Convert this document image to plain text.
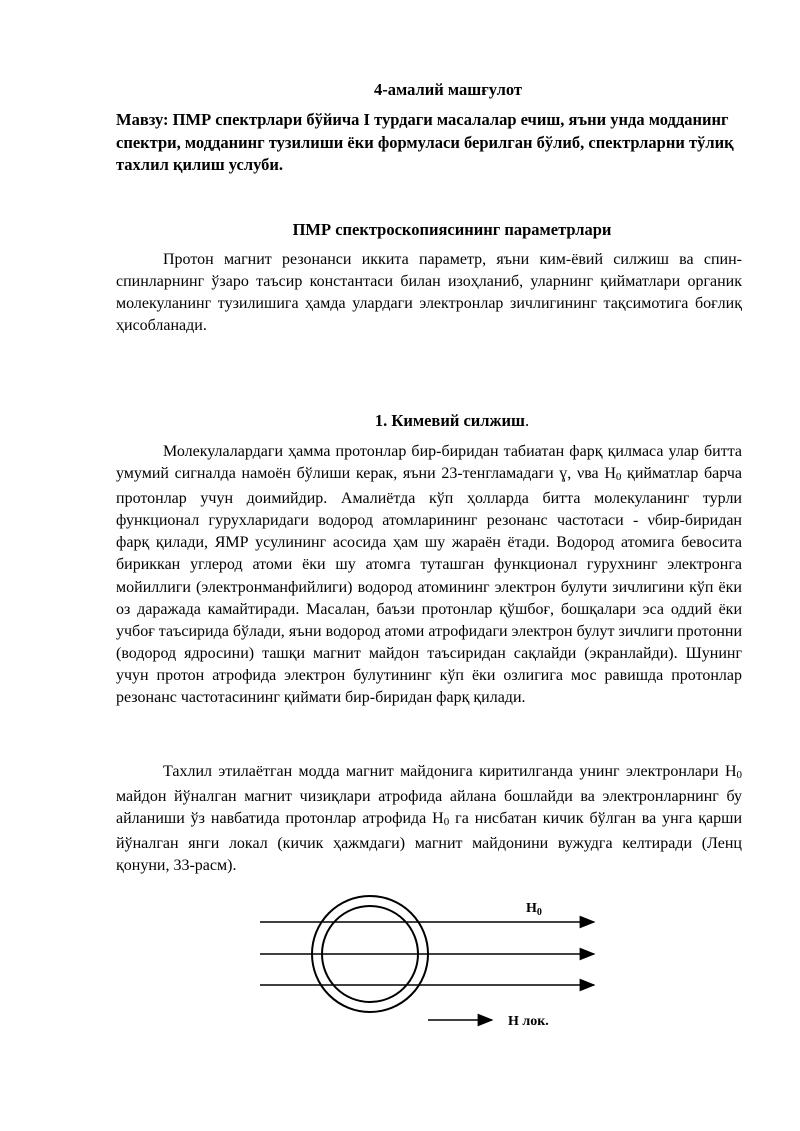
4-амалий машғулот

Мавзу: ПМР спектрлари бўйича I турдаги масалалар ечиш, яъни унда модданинг спектри, модданинг тузилиши ёки формуласи берилган бўлиб, спектрларни тўлиқ тахлил қилиш услуби.

ПМР спектроскопиясининг параметрлари

Протон магнит резонанси иккита параметр, яъни ким-ёвий силжиш ва спин-спинларнинг ўзаро таъсир константаси билан изоҳланиб, уларнинг қийматлари органик молекуланинг тузилишига ҳамда улардаги электронлар зичлигининг тақсимотига боғлиқ ҳисобланади.

1. Кимевий силжиш.

Молекулалардаги ҳамма протонлар бир-биридан табиатан фарқ қилмаса улар битта умумий сигналда намоён бўлиши керак, яъни 23-тенгламадаги ɣ, νва H0 қийматлар барча протонлар учун доимийдир. Амалиётда кўп ҳолларда битта молекуланинг турли функционал гурухларидаги водород атомларининг резонанс частотаси - νбир-биридан фарқ қилади, ЯМР усулининг асосида ҳам шу жараён ётади. Водород атомига бевосита бириккан углерод атоми ёки шу атомга туташган функционал гурухнинг электронга мойиллиги (электронманфийлиги) водород атомининг электрон булути зичлигини кўп ёки оз даражада камайтиради. Масалан, баъзи протонлар қўшбоғ, бошқалари эса оддий ёки учбоғ таъсирида бўлади, яъни водород атоми атрофидаги электрон булут зичлиги протонни (водород ядросини) ташқи магнит майдон таъсиридан сақлайди (экранлайди). Шунинг учун протон атрофида электрон булутининг кўп ёки озлигига мос равишда протонлар резонанс частотасининг қиймати бир-биридан фарқ қилади.

Тахлил этилаётган модда магнит майдонига киритилганда унинг электронлари H0 майдон йўналган магнит чизиқлари атрофида айлана бошлайди ва электронларнинг бу айланиши ўз навбатида протонлар атрофида H0 га нисбатан кичик бўлган ва унга қарши йўналган янги локал (кичик ҳажмдаги) магнит майдонини вужудга келтиради (Ленц қонуни, 33-расм).

$H_0$
H лок.
